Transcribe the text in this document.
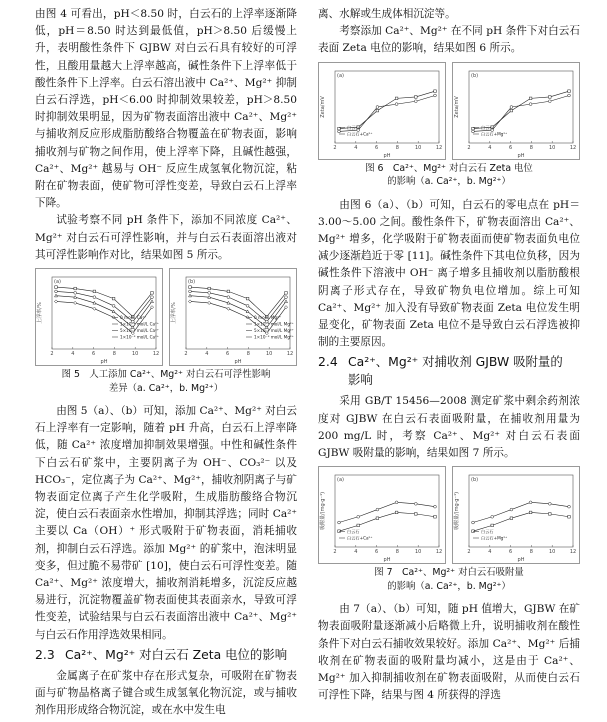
由图 4 可看出，pH＜8.50 时，白云石的上浮率逐渐降低，pH＝8.50 时达到最低值，pH＞8.50 后缓慢上升，表明酸性条件下 GJBW 对白云石具有较好的可浮性，且酸用量越大上浮率越高，碱性条件下上浮率低于酸性条件下上浮率。白云石溶出液中 Ca²⁺、Mg²⁺ 抑制白云石浮选，pH＜6.00 时抑制效果较差，pH＞8.50 时抑制效果明显，因为矿物表面溶出液中 Ca²⁺、Mg²⁺ 与捕收剂反应形成脂肪酸络合物覆盖在矿物表面，影响捕收剂与矿物之间作用，使上浮率下降，且碱性越强，Ca²⁺、Mg²⁺ 越易与 OH⁻ 反应生成氢氧化物沉淀，粘附在矿物表面，使矿物可浮性变差，导致白云石上浮率下降。

试验考察不同 pH 条件下，添加不同浓度 Ca²⁺、Mg²⁺ 对白云石可浮性影响，并与白云石表面溶出液对其可浮性影响作对比，结果如图 5 所示。

(a)
2	4	6	8	10	12
pH
上浮率/%	0 mol/L Ca²⁺
1×10⁻⁴ mol/L Ca²⁺
5×10⁻⁴ mol/L Ca²⁺
1×10⁻³ mol/L Ca²⁺
(b)
2	4	6	8	10	12
pH
上浮率/%	0 mol/L Mg²⁺
1×10⁻⁴ mol/L Mg²⁺
5×10⁻⁴ mol/L Mg²⁺
1×10⁻³ mol/L Mg²⁺
图 5　人工添加 Ca²⁺、Mg²⁺ 对白云石可浮性影响
差异（a. Ca²⁺，b. Mg²⁺）

由图 5（a）、（b）可知，添加 Ca²⁺、Mg²⁺ 对白云石上浮率有一定影响，随着 pH 升高，白云石上浮率降低，随 Ca²⁺ 浓度增加抑制效果增强。中性和碱性条件下白云石矿浆中，主要阴离子为 OH⁻、CO₃²⁻ 以及 HCO₃⁻，定位离子为 Ca²⁺、Mg²⁺，捕收剂阴离子与矿物表面定位离子产生化学吸附，生成脂肪酸络合物沉淀，使白云石表面亲水性增加，抑制其浮选；同时 Ca²⁺ 主要以 Ca（OH）⁺ 形式吸附于矿物表面，消耗捕收剂，抑制白云石浮选。添加 Mg²⁺ 的矿浆中，泡沫明显变多，但过脆不易带矿 [10]，使白云石可浮性变差。随 Ca²⁺、Mg²⁺ 浓度增大，捕收剂消耗增多，沉淀反应越易进行，沉淀物覆盖矿物表面使其表面亲水，导致可浮性变差，试验结果与白云石表面溶出液中 Ca²⁺、Mg²⁺ 与白云石作用浮选效果相同。

2.3 Ca²⁺、Mg²⁺ 对白云石 Zeta 电位的影响

金属离子在矿浆中存在形式复杂，可吸附在矿物表面与矿物晶格离子键合或生成氢氧化物沉淀，或与捕收剂作用形成络合物沉淀，或在水中发生电

离、水解或生成体相沉淀等。

考察添加 Ca²⁺、Mg²⁺ 在不同 pH 条件下对白云石表面 Zeta 电位的影响，结果如图 6 所示。

(a)
2	4	6	8	10	12
pH
Zeta/mV
白云石
白云石+Ca²⁺
(b)
2	4	6	8	10	12
pH
Zeta/mV
白云石
白云石+Mg²⁺
图 6　Ca²⁺、Mg²⁺ 对白云石 Zeta 电位
的影响（a. Ca²⁺，b. Mg²⁺）

由图 6（a）、（b）可知，白云石的零电点在 pH＝3.00～5.00 之间。酸性条件下，矿物表面溶出 Ca²⁺、Mg²⁺ 增多，化学吸附于矿物表面而使矿物表面负电位减少逐渐趋近于零 [11]。碱性条件下其电位负移，因为碱性条件下溶液中 OH⁻ 离子增多且捕收剂以脂肪酸根阴离子形式存在，导致矿物负电位增加。综上可知 Ca²⁺、Mg²⁺ 加入没有导致矿物表面 Zeta 电位发生明显变化，矿物表面 Zeta 电位不是导致白云石浮选被抑制的主要原因。

2.4 Ca²⁺、Mg²⁺ 对捕收剂 GJBW 吸附量的
影响

采用 GB/T 15456—2008 测定矿浆中剩余药剂浓度对 GJBW 在白云石表面吸附量，在捕收剂用量为 200 mg/L 时，考察 Ca²⁺、Mg²⁺ 对白云石表面 GJBW 吸附量的影响，结果如图 7 所示。

(a)
2	4	6	8	10	12
pH
吸附量/(mg·g⁻¹)
白云石
白云石+Ca²⁺
(b)
2	4	6	8	10	12
pH
吸附量/(mg·g⁻¹)
白云石
白云石+Mg²⁺
图 7　Ca²⁺、Mg²⁺ 对白云石吸附量
的影响（a. Ca²⁺，b. Mg²⁺）

由 7（a）、（b）可知，随 pH 值增大，GJBW 在矿物表面吸附量逐渐减小后略微上升，说明捕收剂在酸性条件下对白云石捕收效果较好。添加 Ca²⁺、Mg²⁺ 后捕收剂在矿物表面的吸附量均减小，这是由于 Ca²⁺、Mg²⁺ 加入抑制捕收剂在矿物表面吸附，从而使白云石可浮性下降，结果与图 4 所获得的浮选
